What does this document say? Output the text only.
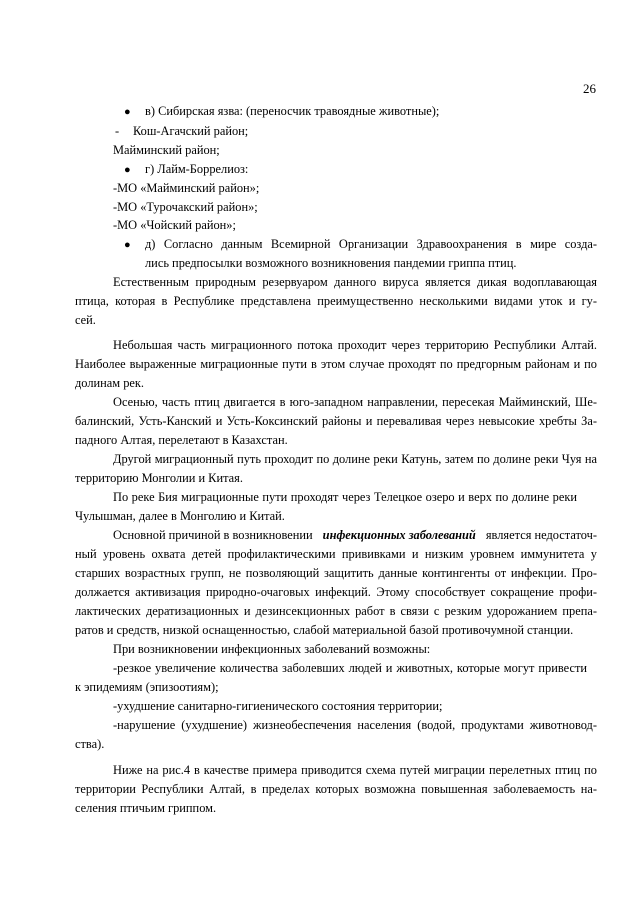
26
● в) Сибирская язва: (переносчик травоядные животные);
- Кош-Агачский район;
Майминский район;
● г) Лайм-Боррелиоз:
-МО «Майминский район»;
-МО «Турочакский район»;
-МО «Чойский район»;
● д) Согласно данным Всемирной Организации Здравоохранения в мире созда-
лись предпосылки возможного возникновения пандемии гриппа птиц.
Естественным природным резервуаром данного вируса является дикая водоплавающая
птица, которая в Республике представлена преимущественно несколькими видами уток и гу-
сей.
Небольшая часть миграционного потока проходит через территорию Республики Алтай.
Наиболее выраженные миграционные пути в этом случае проходят по предгорным районам и по
долинам рек.
Осенью, часть птиц двигается в юго-западном направлении, пересекая Майминский, Ше-
балинский, Усть-Канский и Усть-Коксинский районы и переваливая через невысокие хребты За-
падного Алтая, перелетают в Казахстан.
Другой миграционный путь проходит по долине реки Катунь, затем по долине реки Чуя на
территорию Монголии и Китая.
По реке Бия миграционные пути проходят через Телецкое озеро и верх по долине реки
Чулышман, далее в Монголию и Китай.
Основной причиной в возникновении инфекционных заболеваний является недостаточ-
ный уровень охвата детей профилактическими прививками и низким уровнем иммунитета у
старших возрастных групп, не позволяющий защитить данные контингенты от инфекции. Про-
должается активизация природно-очаговых инфекций. Этому способствует сокращение профи-
лактических дератизационных и дезинсекционных работ в связи с резким удорожанием препа-
ратов и средств, низкой оснащенностью, слабой материальной базой противочумной станции.
При возникновении инфекционных заболеваний возможны:
-резкое увеличение количества заболевших людей и животных, которые могут привести
к эпидемиям (эпизоотиям);
-ухудшение санитарно-гигиенического состояния территории;
-нарушение (ухудшение) жизнеобеспечения населения (водой, продуктами животновод-
ства).
Ниже на рис.4 в качестве примера приводится схема путей миграции перелетных птиц по
территории Республики Алтай, в пределах которых возможна повышенная заболеваемость на-
селения птичьим гриппом.
